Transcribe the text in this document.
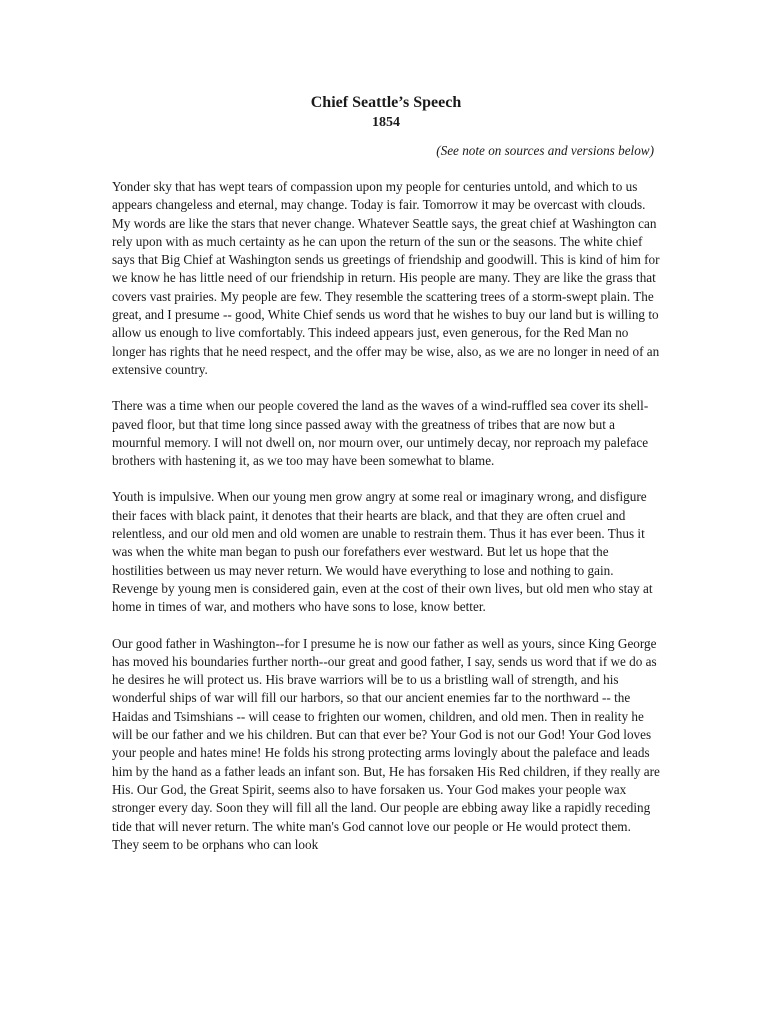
Chief Seattle’s Speech
1854
(See note on sources and versions below)

Yonder sky that has wept tears of compassion upon my people for centuries untold, and which to us appears changeless and eternal, may change. Today is fair. Tomorrow it may be overcast with clouds. My words are like the stars that never change. Whatever Seattle says, the great chief at Washington can rely upon with as much certainty as he can upon the return of the sun or the seasons. The white chief says that Big Chief at Washington sends us greetings of friendship and goodwill. This is kind of him for we know he has little need of our friendship in return. His people are many. They are like the grass that covers vast prairies. My people are few. They resemble the scattering trees of a storm-swept plain. The great, and I presume -- good, White Chief sends us word that he wishes to buy our land but is willing to allow us enough to live comfortably. This indeed appears just, even generous, for the Red Man no longer has rights that he need respect, and the offer may be wise, also, as we are no longer in need of an extensive country.

There was a time when our people covered the land as the waves of a wind-ruffled sea cover its shell-paved floor, but that time long since passed away with the greatness of tribes that are now but a mournful memory. I will not dwell on, nor mourn over, our untimely decay, nor reproach my paleface brothers with hastening it, as we too may have been somewhat to blame.

Youth is impulsive. When our young men grow angry at some real or imaginary wrong, and disfigure their faces with black paint, it denotes that their hearts are black, and that they are often cruel and relentless, and our old men and old women are unable to restrain them. Thus it has ever been. Thus it was when the white man began to push our forefathers ever westward. But let us hope that the hostilities between us may never return. We would have everything to lose and nothing to gain. Revenge by young men is considered gain, even at the cost of their own lives, but old men who stay at home in times of war, and mothers who have sons to lose, know better.

Our good father in Washington--for I presume he is now our father as well as yours, since King George has moved his boundaries further north--our great and good father, I say, sends us word that if we do as he desires he will protect us. His brave warriors will be to us a bristling wall of strength, and his wonderful ships of war will fill our harbors, so that our ancient enemies far to the northward -- the Haidas and Tsimshians -- will cease to frighten our women, children, and old men. Then in reality he will be our father and we his children. But can that ever be? Your God is not our God! Your God loves your people and hates mine! He folds his strong protecting arms lovingly about the paleface and leads him by the hand as a father leads an infant son. But, He has forsaken His Red children, if they really are His. Our God, the Great Spirit, seems also to have forsaken us. Your God makes your people wax stronger every day. Soon they will fill all the land. Our people are ebbing away like a rapidly receding tide that will never return. The white man's God cannot love our people or He would protect them. They seem to be orphans who can look
